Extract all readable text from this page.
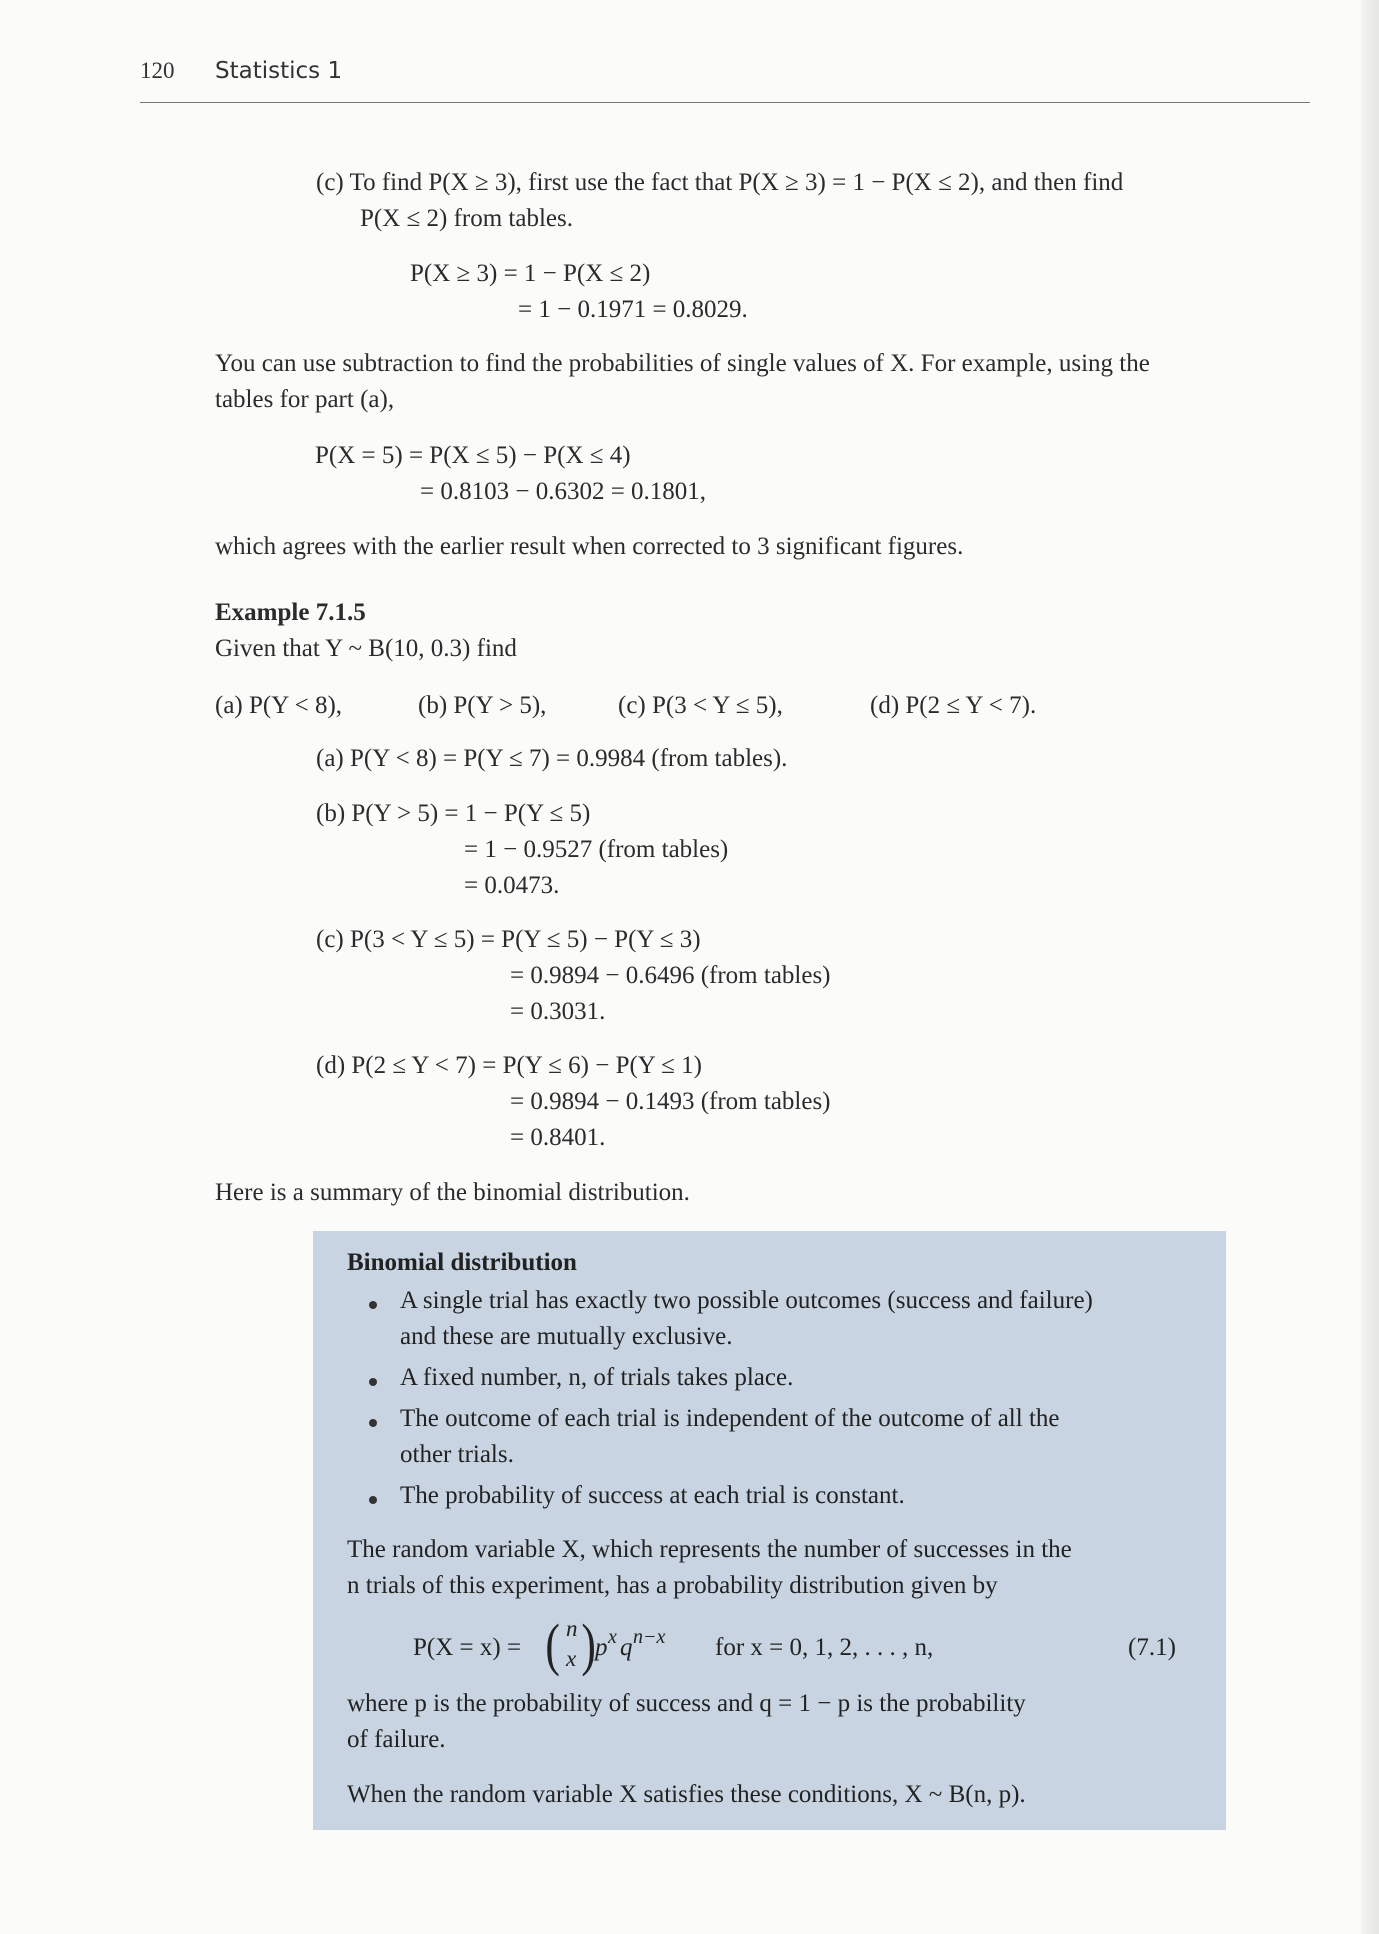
120 Statistics 1
(c) To find P(X ≥ 3), first use the fact that P(X ≥ 3) = 1 − P(X ≤ 2), and then find
P(X ≤ 2) from tables.
P(X ≥ 3) = 1 − P(X ≤ 2)
= 1 − 0.1971 = 0.8029.
You can use subtraction to find the probabilities of single values of X. For example, using the
tables for part (a),
P(X = 5) = P(X ≤ 5) − P(X ≤ 4)
= 0.8103 − 0.6302 = 0.1801,
which agrees with the earlier result when corrected to 3 significant figures.
Example 7.1.5
Given that Y ~ B(10, 0.3) find
(a) P(Y < 8),	(b) P(Y > 5),	(c) P(3 < Y ≤ 5),	(d) P(2 ≤ Y < 7).
(a) P(Y < 8) = P(Y ≤ 7) = 0.9984 (from tables).
(b) P(Y > 5) = 1 − P(Y ≤ 5)
= 1 − 0.9527 (from tables)
= 0.0473.
(c) P(3 < Y ≤ 5) = P(Y ≤ 5) − P(Y ≤ 3)
= 0.9894 − 0.6496 (from tables)
= 0.3031.
(d) P(2 ≤ Y < 7) = P(Y ≤ 6) − P(Y ≤ 1)
= 0.9894 − 0.1493 (from tables)
= 0.8401.
Here is a summary of the binomial distribution.
Binomial distribution
A single trial has exactly two possible outcomes (success and failure)
and these are mutually exclusive.
A fixed number, n, of trials takes place.
The outcome of each trial is independent of the outcome of all the
other trials.
The probability of success at each trial is constant.
The random variable X, which represents the number of successes in the
n trials of this experiment, has a probability distribution given by
P(X = x) = ( n
x ) p x q n−x for x = 0, 1, 2, . . . , n,	(7.1)
where p is the probability of success and q = 1 − p is the probability
of failure.
When the random variable X satisfies these conditions, X ~ B(n, p).
